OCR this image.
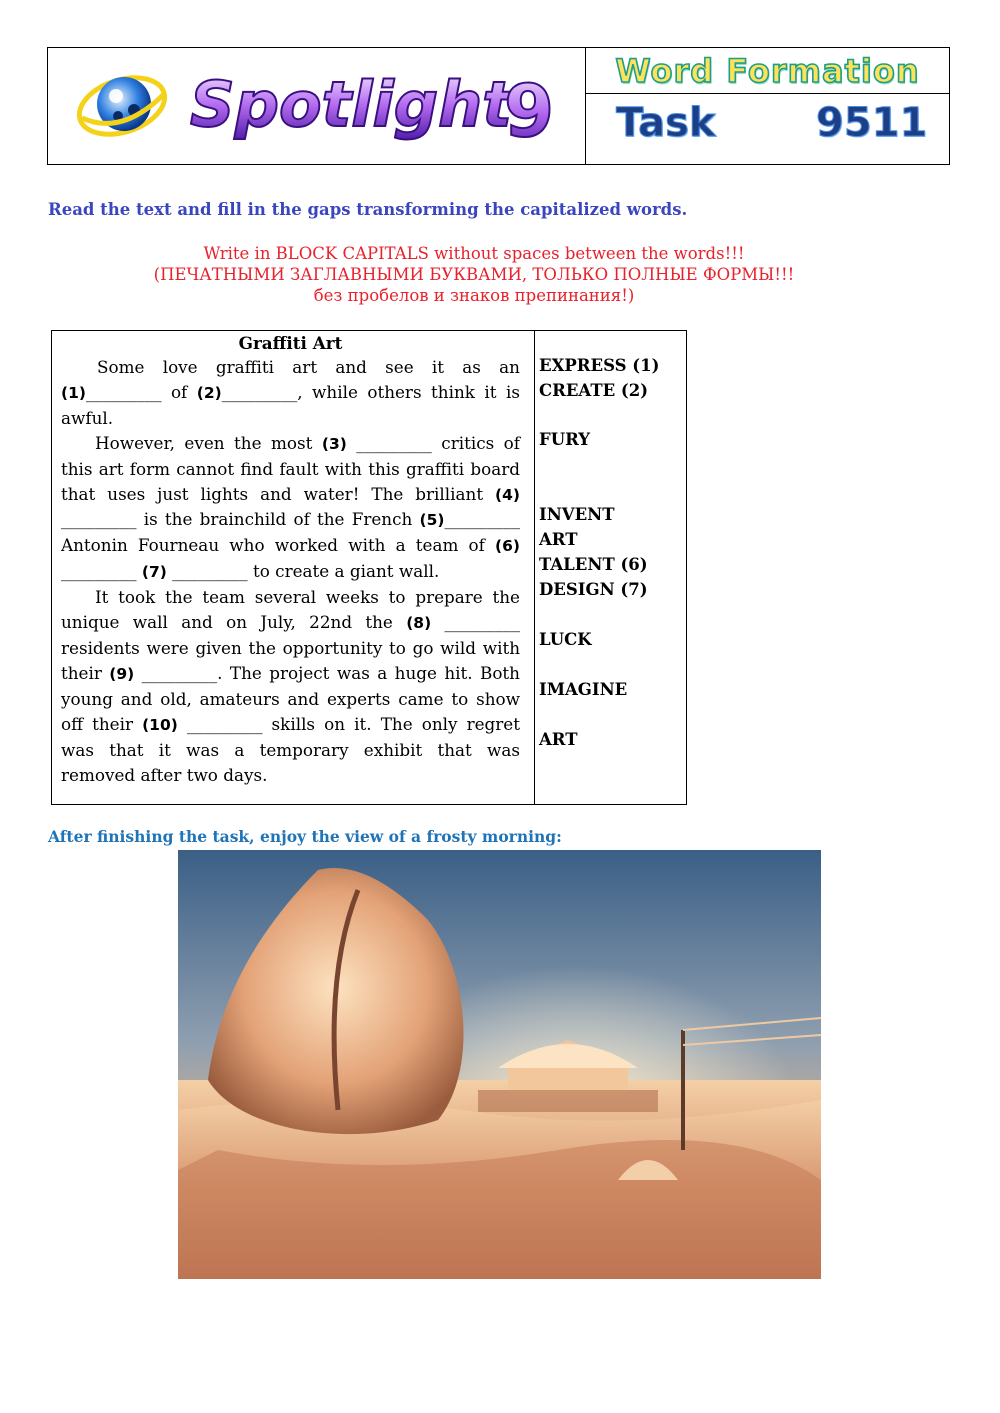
Spotlight
9 Word Formation
Task	9511
Read the text and fill in the gaps transforming the capitalized words.
Write in BLOCK CAPITALS without spaces between the words!!!
(ПЕЧАТНЫМИ ЗАГЛАВНЫМИ БУКВАМИ, ТОЛЬКО ПОЛНЫЕ ФОРМЫ!!!
без пробелов и знаков препинания!)
Graffiti Art

Some love graffiti art and see it as an (1)_________ of (2)_________, while others think it is awful.

However, even the most (3) _________ critics of this art form cannot find fault with this graffiti board that uses just lights and water! The brilliant (4) _________ is the brainchild of the French (5)_________ Antonin Fourneau who worked with a team of (6) _________ (7) _________ to create a giant wall.

It took the team several weeks to prepare the unique wall and on July, 22nd the (8) _________ residents were given the opportunity to go wild with their (9) _________. The project was a huge hit. Both young and old, amateurs and experts came to show off their (10) _________ skills on it. The only regret was that it was a temporary exhibit that was removed after two days.

EXPRESS (1)
CREATE (2)
FURY
INVENT
ART
TALENT (6)
DESIGN (7)
LUCK
IMAGINE
ART
After finishing the task, enjoy the view of a frosty morning:
